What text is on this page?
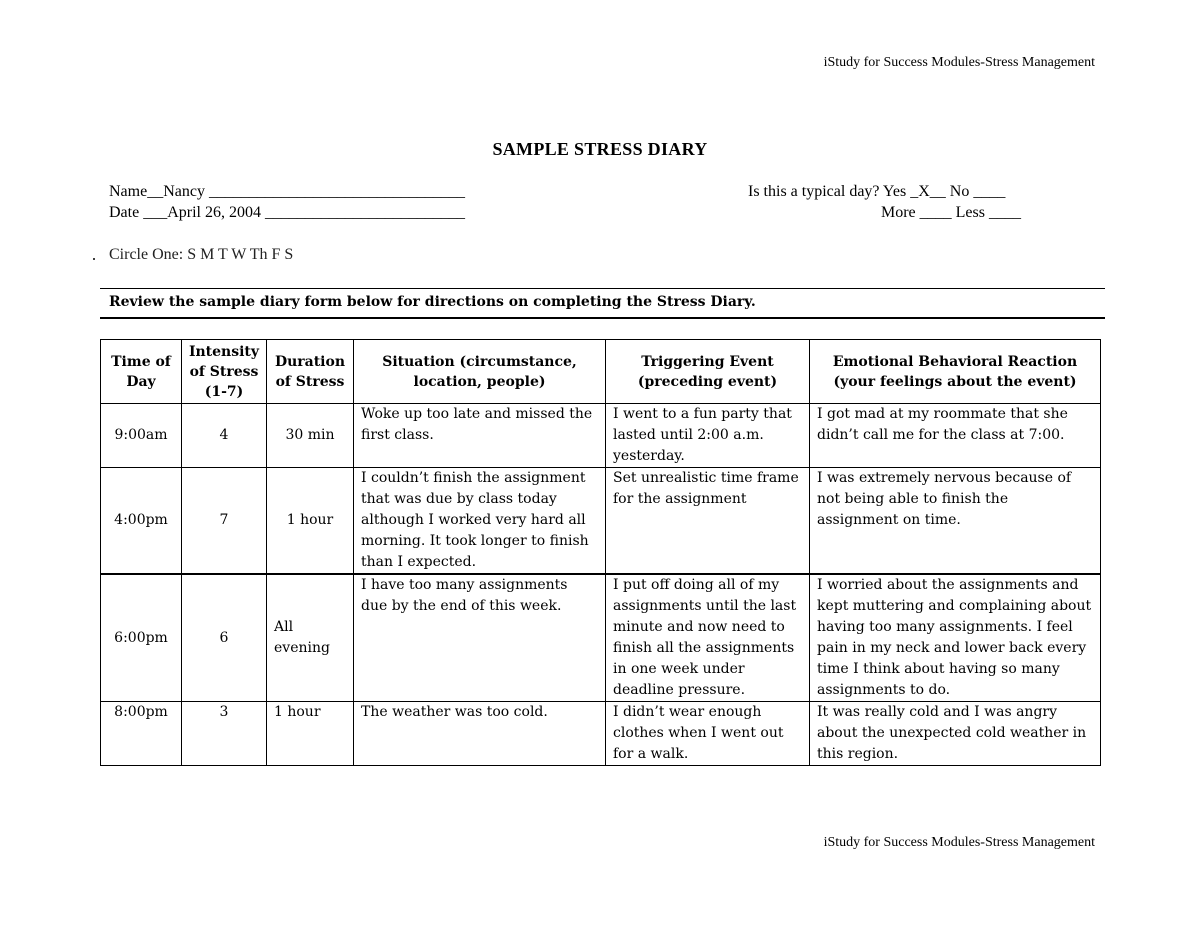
iStudy for Success Modules-Stress Management
SAMPLE STRESS DIARY
Name__Nancy ________________________________
Date ___April 26, 2004 _________________________
Is this a typical day? Yes _X__ No ____
More ____ Less ____
Circle One: S M T W Th F S
Review the sample diary form below for directions on completing the Stress Diary.
Time of Day	Intensity of Stress (1-7)	Duration of Stress	Situation (circumstance, location, people)	Triggering Event (preceding event)	Emotional Behavioral Reaction (your feelings about the event)
9:00am	4	30 min	Woke up too late and missed the first class.	I went to a fun party that lasted until 2:00 a.m. yesterday.	I got mad at my roommate that she didn’t call me for the class at 7:00.
4:00pm	7	1 hour	I couldn’t finish the assignment that was due by class today although I worked very hard all morning. It took longer to finish than I expected.	Set unrealistic time frame for the assignment	I was extremely nervous because of not being able to finish the assignment on time.
6:00pm	6	All evening	I have too many assignments due by the end of this week.	I put off doing all of my assignments until the last minute and now need to finish all the assignments in one week under deadline pressure.	I worried about the assignments and kept muttering and complaining about having too many assignments. I feel pain in my neck and lower back every time I think about having so many assignments to do.
8:00pm	3	1 hour	The weather was too cold.	I didn’t wear enough clothes when I went out for a walk.	It was really cold and I was angry about the unexpected cold weather in this region.
iStudy for Success Modules-Stress Management
